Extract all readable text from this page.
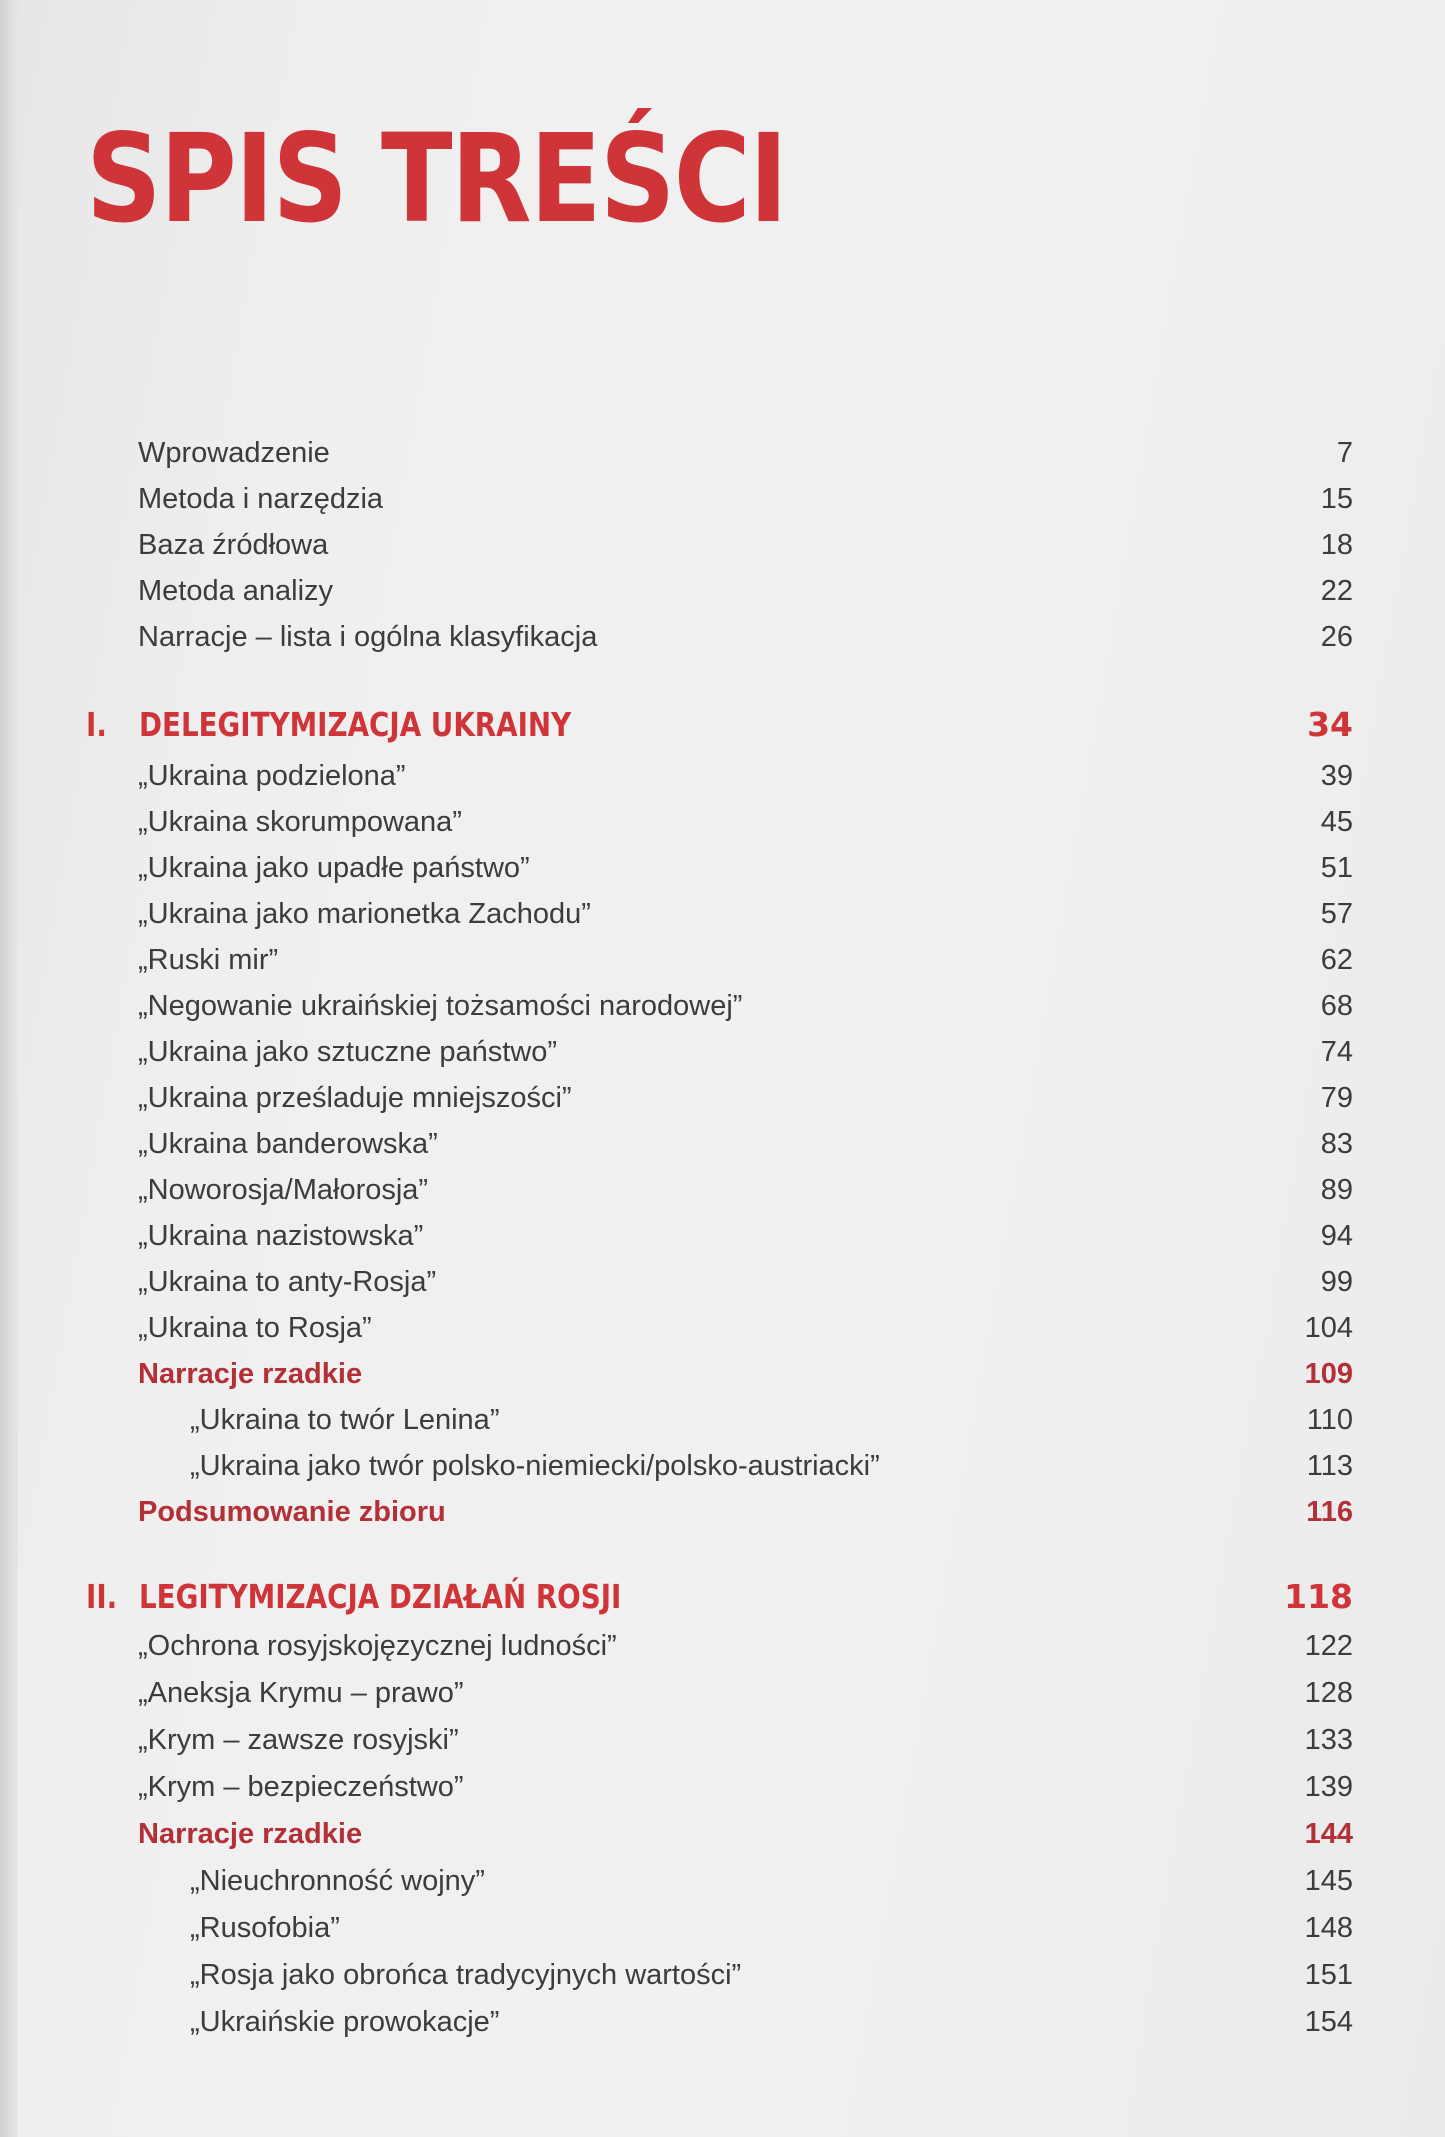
SPIS TREŚCI
Wprowadzenie	7
Metoda i narzędzia	15
Baza źródłowa	18
Metoda analizy	22
Narracje – lista i ogólna klasyfikacja	26
I. DELEGITYMIZACJA UKRAINY	34
„Ukraina podzielona”	39
„Ukraina skorumpowana”	45
„Ukraina jako upadłe państwo”	51
„Ukraina jako marionetka Zachodu”	57
„Ruski mir”	62
„Negowanie ukraińskiej tożsamości narodowej”	68
„Ukraina jako sztuczne państwo”	74
„Ukraina prześladuje mniejszości”	79
„Ukraina banderowska”	83
„Noworosja/Małorosja”	89
„Ukraina nazistowska”	94
„Ukraina to anty-Rosja”	99
„Ukraina to Rosja”	104
Narracje rzadkie	109
„Ukraina to twór Lenina”	110
„Ukraina jako twór polsko-niemiecki/polsko-austriacki”	113
Podsumowanie zbioru	116
II. LEGITYMIZACJA DZIAŁAŃ ROSJI	118
„Ochrona rosyjskojęzycznej ludności”	122
„Aneksja Krymu – prawo”	128
„Krym – zawsze rosyjski”	133
„Krym – bezpieczeństwo”	139
Narracje rzadkie	144
„Nieuchronność wojny”	145
„Rusofobia”	148
„Rosja jako obrońca tradycyjnych wartości”	151
„Ukraińskie prowokacje”	154
